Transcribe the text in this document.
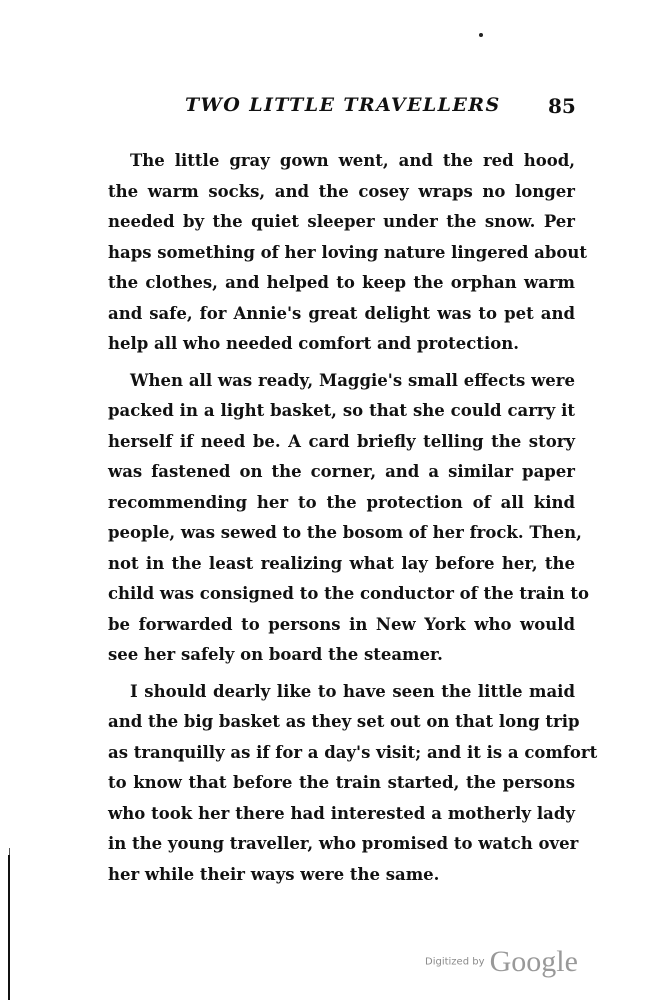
TWO LITTLE TRAVELLERS 85
The little gray gown went, and the red hood,
the warm socks, and the cosey wraps no longer
needed by the quiet sleeper under the snow. Per
haps something of her loving nature lingered about
the clothes, and helped to keep the orphan warm
and safe, for Annie's great delight was to pet and
help all who needed comfort and protection.
When all was ready, Maggie's small effects were
packed in a light basket, so that she could carry it
herself if need be. A card briefly telling the story
was fastened on the corner, and a similar paper
recommending her to the protection of all kind
people, was sewed to the bosom of her frock. Then,
not in the least realizing what lay before her, the
child was consigned to the conductor of the train to
be forwarded to persons in New York who would
see her safely on board the steamer.
I should dearly like to have seen the little maid
and the big basket as they set out on that long trip
as tranquilly as if for a day's visit; and it is a comfort
to know that before the train started, the persons
who took her there had interested a motherly lady
in the young traveller, who promised to watch over
her while their ways were the same.
Digitized by Google
